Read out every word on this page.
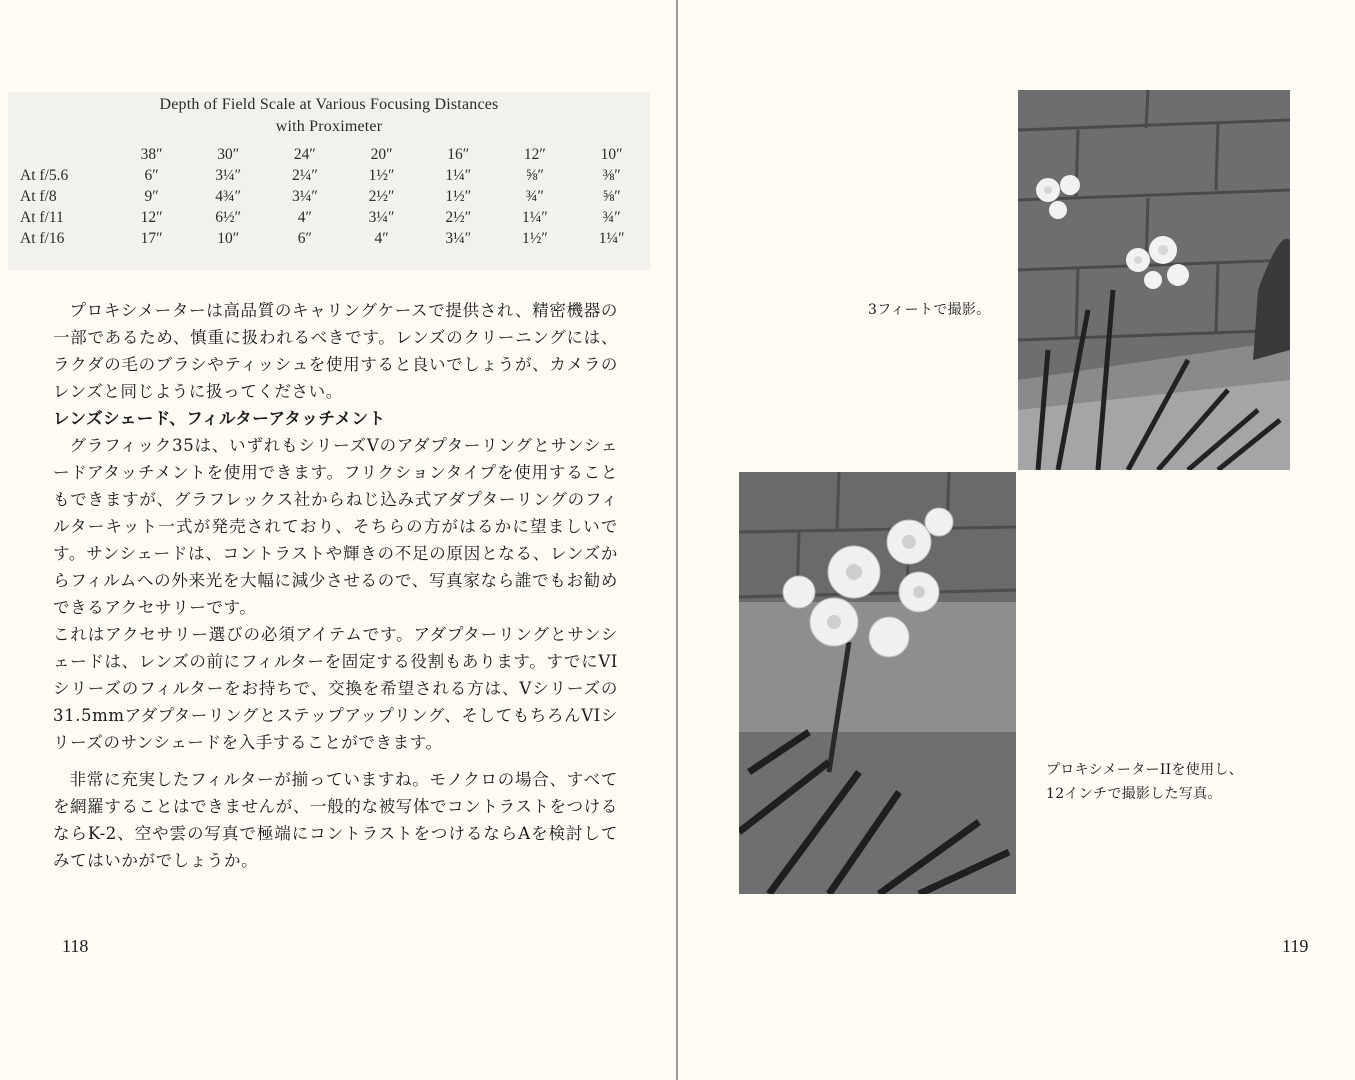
Depth of Field Scale at Various Focusing Distances
with Proximeter
	38″	30″	24″	20″	16″	12″	10″
At f/5.6	6″	3¼″	2¼″	1½″	1¼″	⅝″	⅜″
At f/8	9″	4¾″	3¼″	2½″	1½″	¾″	⅝″
At f/11	12″	6½″	4″	3¼″	2½″	1¼″	¾″
At f/16	17″	10″	6″	4″	3¼″	1½″	1¼″

プロキシメーターは高品質のキャリングケースで提供され、精密機器の一部であるため、慎重に扱われるべきです。レンズのクリーニングには、ラクダの毛のブラシやティッシュを使用すると良いでしょうが、カメラのレンズと同じように扱ってください。

レンズシェード、フィルターアタッチメント

グラフィック35は、いずれもシリーズVのアダプターリングとサンシェードアタッチメントを使用できます。フリクションタイプを使用することもできますが、グラフレックス社からねじ込み式アダプターリングのフィルターキット一式が発売されており、そちらの方がはるかに望ましいです。サンシェードは、コントラストや輝きの不足の原因となる、レンズからフィルムへの外来光を大幅に減少させるので、写真家なら誰でもお勧めできるアクセサリーです。

これはアクセサリー選びの必須アイテムです。アダプターリングとサンシェードは、レンズの前にフィルターを固定する役割もあります。すでにVIシリーズのフィルターをお持ちで、交換を希望される方は、Vシリーズの31.5mmアダプターリングとステップアップリング、そしてもちろんVIシリーズのサンシェードを入手することができます。

非常に充実したフィルターが揃っていますね。モノクロの場合、すべてを網羅することはできませんが、一般的な被写体でコントラストをつけるならK-2、空や雲の写真で極端にコントラストをつけるならAを検討してみてはいかがでしょうか。

118
3フィートで撮影。
プロキシメーターIIを使用し、
12インチで撮影した写真。
119
